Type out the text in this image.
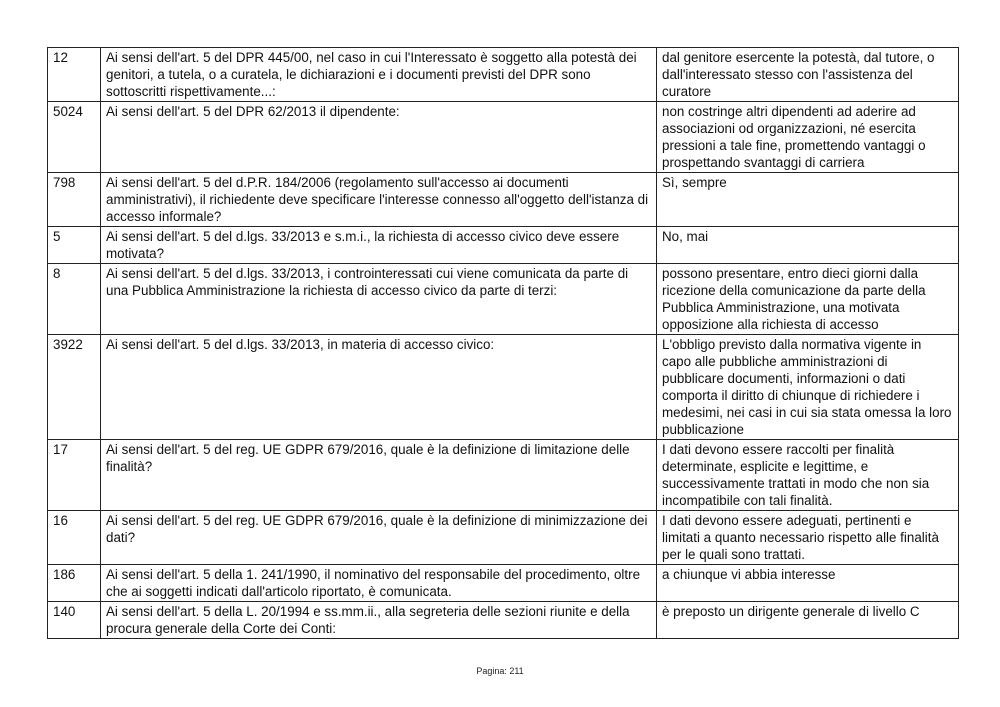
12	Ai sensi dell'art. 5 del DPR 445/00, nel caso in cui l'Interessato è soggetto alla potestà dei genitori, a tutela, o a curatela, le dichiarazioni e i documenti previsti del DPR sono sottoscritti rispettivamente...:	dal genitore esercente la potestà, dal tutore, o dall'interessato stesso con l'assistenza del curatore
5024	Ai sensi dell'art. 5 del DPR 62/2013 il dipendente:	non costringe altri dipendenti ad aderire ad associazioni od organizzazioni, né esercita pressioni a tale fine, promettendo vantaggi o prospettando svantaggi di carriera
798	Ai sensi dell'art. 5 del d.P.R. 184/2006 (regolamento sull'accesso ai documenti amministrativi), il richiedente deve specificare l'interesse connesso all'oggetto dell'istanza di accesso informale?	Sì, sempre
5	Ai sensi dell'art. 5 del d.lgs. 33/2013 e s.m.i., la richiesta di accesso civico deve essere motivata?	No, mai
8	Ai sensi dell'art. 5 del d.lgs. 33/2013, i controinteressati cui viene comunicata da parte di una Pubblica Amministrazione la richiesta di accesso civico da parte di terzi:	possono presentare, entro dieci giorni dalla ricezione della comunicazione da parte della Pubblica Amministrazione, una motivata opposizione alla richiesta di accesso
3922	Ai sensi dell'art. 5 del d.lgs. 33/2013, in materia di accesso civico:	L'obbligo previsto dalla normativa vigente in capo alle pubbliche amministrazioni di pubblicare documenti, informazioni o dati comporta il diritto di chiunque di richiedere i medesimi, nei casi in cui sia stata omessa la loro pubblicazione
17	Ai sensi dell'art. 5 del reg. UE GDPR 679/2016, quale è la definizione di limitazione delle finalità?	I dati devono essere raccolti per finalità determinate, esplicite e legittime, e successivamente trattati in modo che non sia incompatibile con tali finalità.
16	Ai sensi dell'art. 5 del reg. UE GDPR 679/2016, quale è la definizione di minimizzazione dei dati?	I dati devono essere adeguati, pertinenti e limitati a quanto necessario rispetto alle finalità per le quali sono trattati.
186	Ai sensi dell'art. 5 della 1. 241/1990, il nominativo del responsabile del procedimento, oltre che ai soggetti indicati dall'articolo riportato, è comunicata.	a chiunque vi abbia interesse
140	Ai sensi dell'art. 5 della L. 20/1994 e ss.mm.ii., alla segreteria delle sezioni riunite e della procura generale della Corte dei Conti:	è preposto un dirigente generale di livello C
Pagina: 211
